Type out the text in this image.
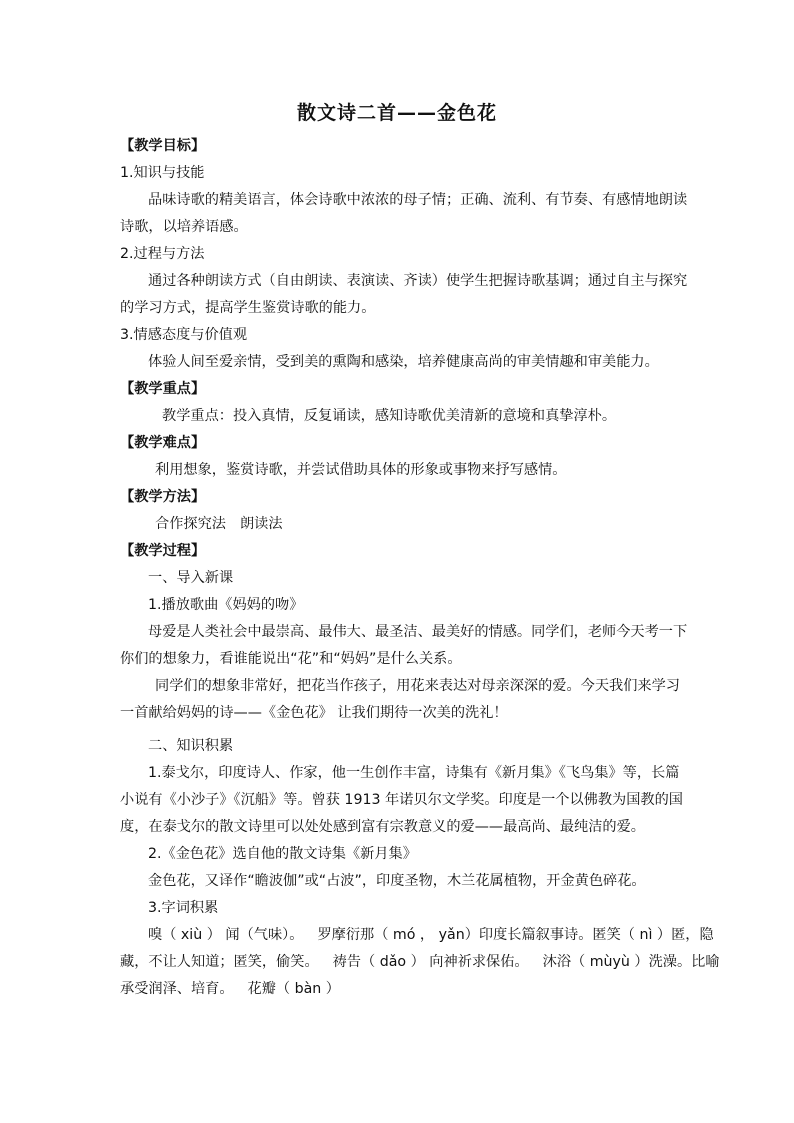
散文诗二首——金色花
【教学目标】
1.知识与技能
品味诗歌的精美语言，体会诗歌中浓浓的母子情；正确、流利、有节奏、有感情地朗读
诗歌，以培养语感。
2.过程与方法
通过各种朗读方式（自由朗读、表演读、齐读）使学生把握诗歌基调；通过自主与探究
的学习方式，提高学生鉴赏诗歌的能力。
3.情感态度与价值观
体验人间至爱亲情，受到美的熏陶和感染，培养健康高尚的审美情趣和审美能力。
【教学重点】
教学重点：投入真情，反复诵读，感知诗歌优美清新的意境和真挚淳朴。
【教学难点】
利用想象，鉴赏诗歌，并尝试借助具体的形象或事物来抒写感情。
【教学方法】
合作探究法 朗读法
【教学过程】
一、导入新课
1.播放歌曲《妈妈的吻》
母爱是人类社会中最崇高、最伟大、最圣洁、最美好的情感。同学们，老师今天考一下
你们的想象力，看谁能说出“花”和“妈妈”是什么关系。
同学们的想象非常好，把花当作孩子，用花来表达对母亲深深的爱。今天我们来学习
一首献给妈妈的诗——《金色花》 让我们期待一次美的洗礼！
二、知识积累
1.泰戈尔，印度诗人、作家，他一生创作丰富，诗集有《新月集》《飞鸟集》等，长篇
小说有《小沙子》《沉船》等。曾获 1913 年诺贝尔文学奖。印度是一个以佛教为国教的国
度，在泰戈尔的散文诗里可以处处感到富有宗教意义的爱——最高尚、最纯洁的爱。
2.《金色花》选自他的散文诗集《新月集》
金色花，又译作“瞻波伽”或“占波”，印度圣物，木兰花属植物，开金黄色碎花。
3.字词积累
嗅（ xiù ） 闻（气味）。 罗摩衍那（ mó ， yǎn）印度长篇叙事诗。匿笑（ nì ）匿，隐
藏，不让人知道；匿笑，偷笑。 祷告（ dǎo ） 向神祈求保佑。 沐浴（ mùyù ）洗澡。比喻
承受润泽、培育。 花瓣（ bàn ）
